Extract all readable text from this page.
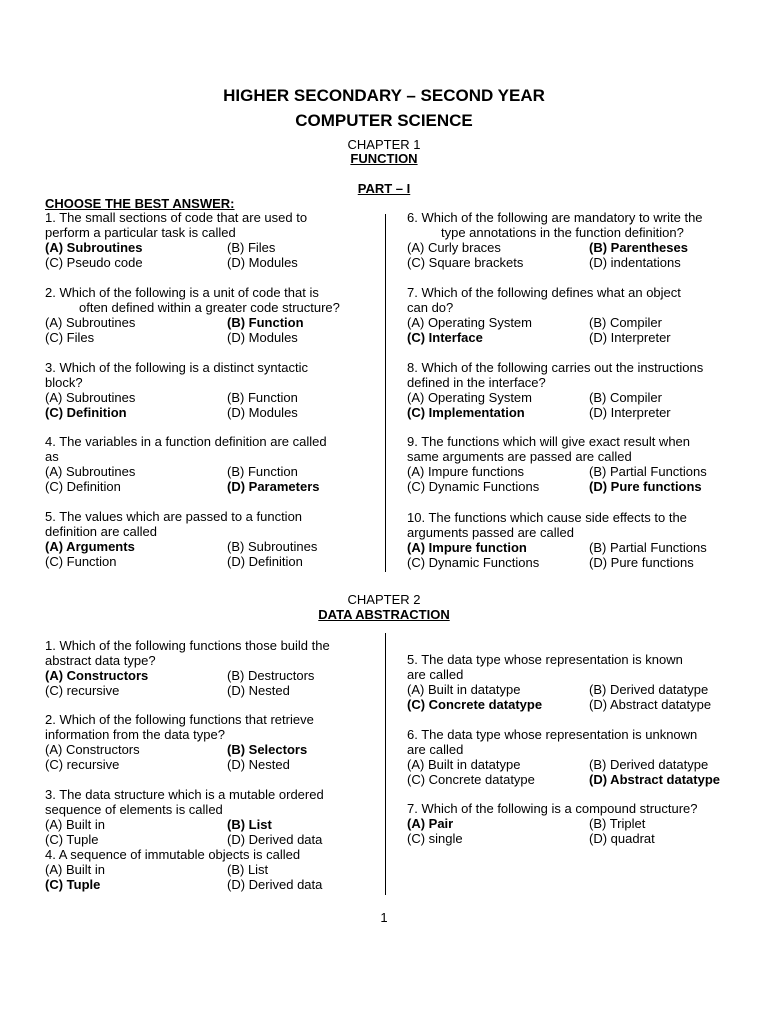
HIGHER SECONDARY – SECOND YEAR
COMPUTER SCIENCE
CHAPTER 1
FUNCTION
PART – I
CHOOSE THE BEST ANSWER:
1. The small sections of code that are used to
perform a particular task is called
(A) Subroutines	(B) Files
(C) Pseudo code	(D) Modules
2. Which of the following is a unit of code that is
often defined within a greater code structure?
(A) Subroutines	(B) Function
(C) Files	(D) Modules
3. Which of the following is a distinct syntactic
block?
(A) Subroutines	(B) Function
(C) Definition	(D) Modules
4. The variables in a function definition are called
as
(A) Subroutines	(B) Function
(C) Definition	(D) Parameters
5. The values which are passed to a function
definition are called
(A) Arguments	(B) Subroutines
(C) Function	(D) Definition
6. Which of the following are mandatory to write the
type annotations in the function definition?
(A) Curly braces	(B) Parentheses
(C) Square brackets	(D) indentations
7. Which of the following defines what an object
can do?
(A) Operating System	(B) Compiler
(C) Interface	(D) Interpreter
8. Which of the following carries out the instructions
defined in the interface?
(A) Operating System	(B) Compiler
(C) Implementation	(D) Interpreter
9. The functions which will give exact result when
same arguments are passed are called
(A) Impure functions	(B) Partial Functions
(C) Dynamic Functions	(D) Pure functions
10. The functions which cause side effects to the
arguments passed are called
(A) Impure function	(B) Partial Functions
(C) Dynamic Functions	(D) Pure functions
CHAPTER 2
DATA ABSTRACTION
1. Which of the following functions those build the
abstract data type?
(A) Constructors	(B) Destructors
(C) recursive	(D) Nested
2. Which of the following functions that retrieve
information from the data type?
(A) Constructors	(B) Selectors
(C) recursive	(D) Nested
3. The data structure which is a mutable ordered
sequence of elements is called
(A) Built in	(B) List
(C) Tuple	(D) Derived data
4. A sequence of immutable objects is called
(A) Built in	(B) List
(C) Tuple	(D) Derived data
5. The data type whose representation is known
are called
(A) Built in datatype	(B) Derived datatype
(C) Concrete datatype	(D) Abstract datatype
6. The data type whose representation is unknown
are called
(A) Built in datatype	(B) Derived datatype
(C) Concrete datatype	(D) Abstract datatype
7. Which of the following is a compound structure?
(A) Pair	(B) Triplet
(C) single	(D) quadrat
1
